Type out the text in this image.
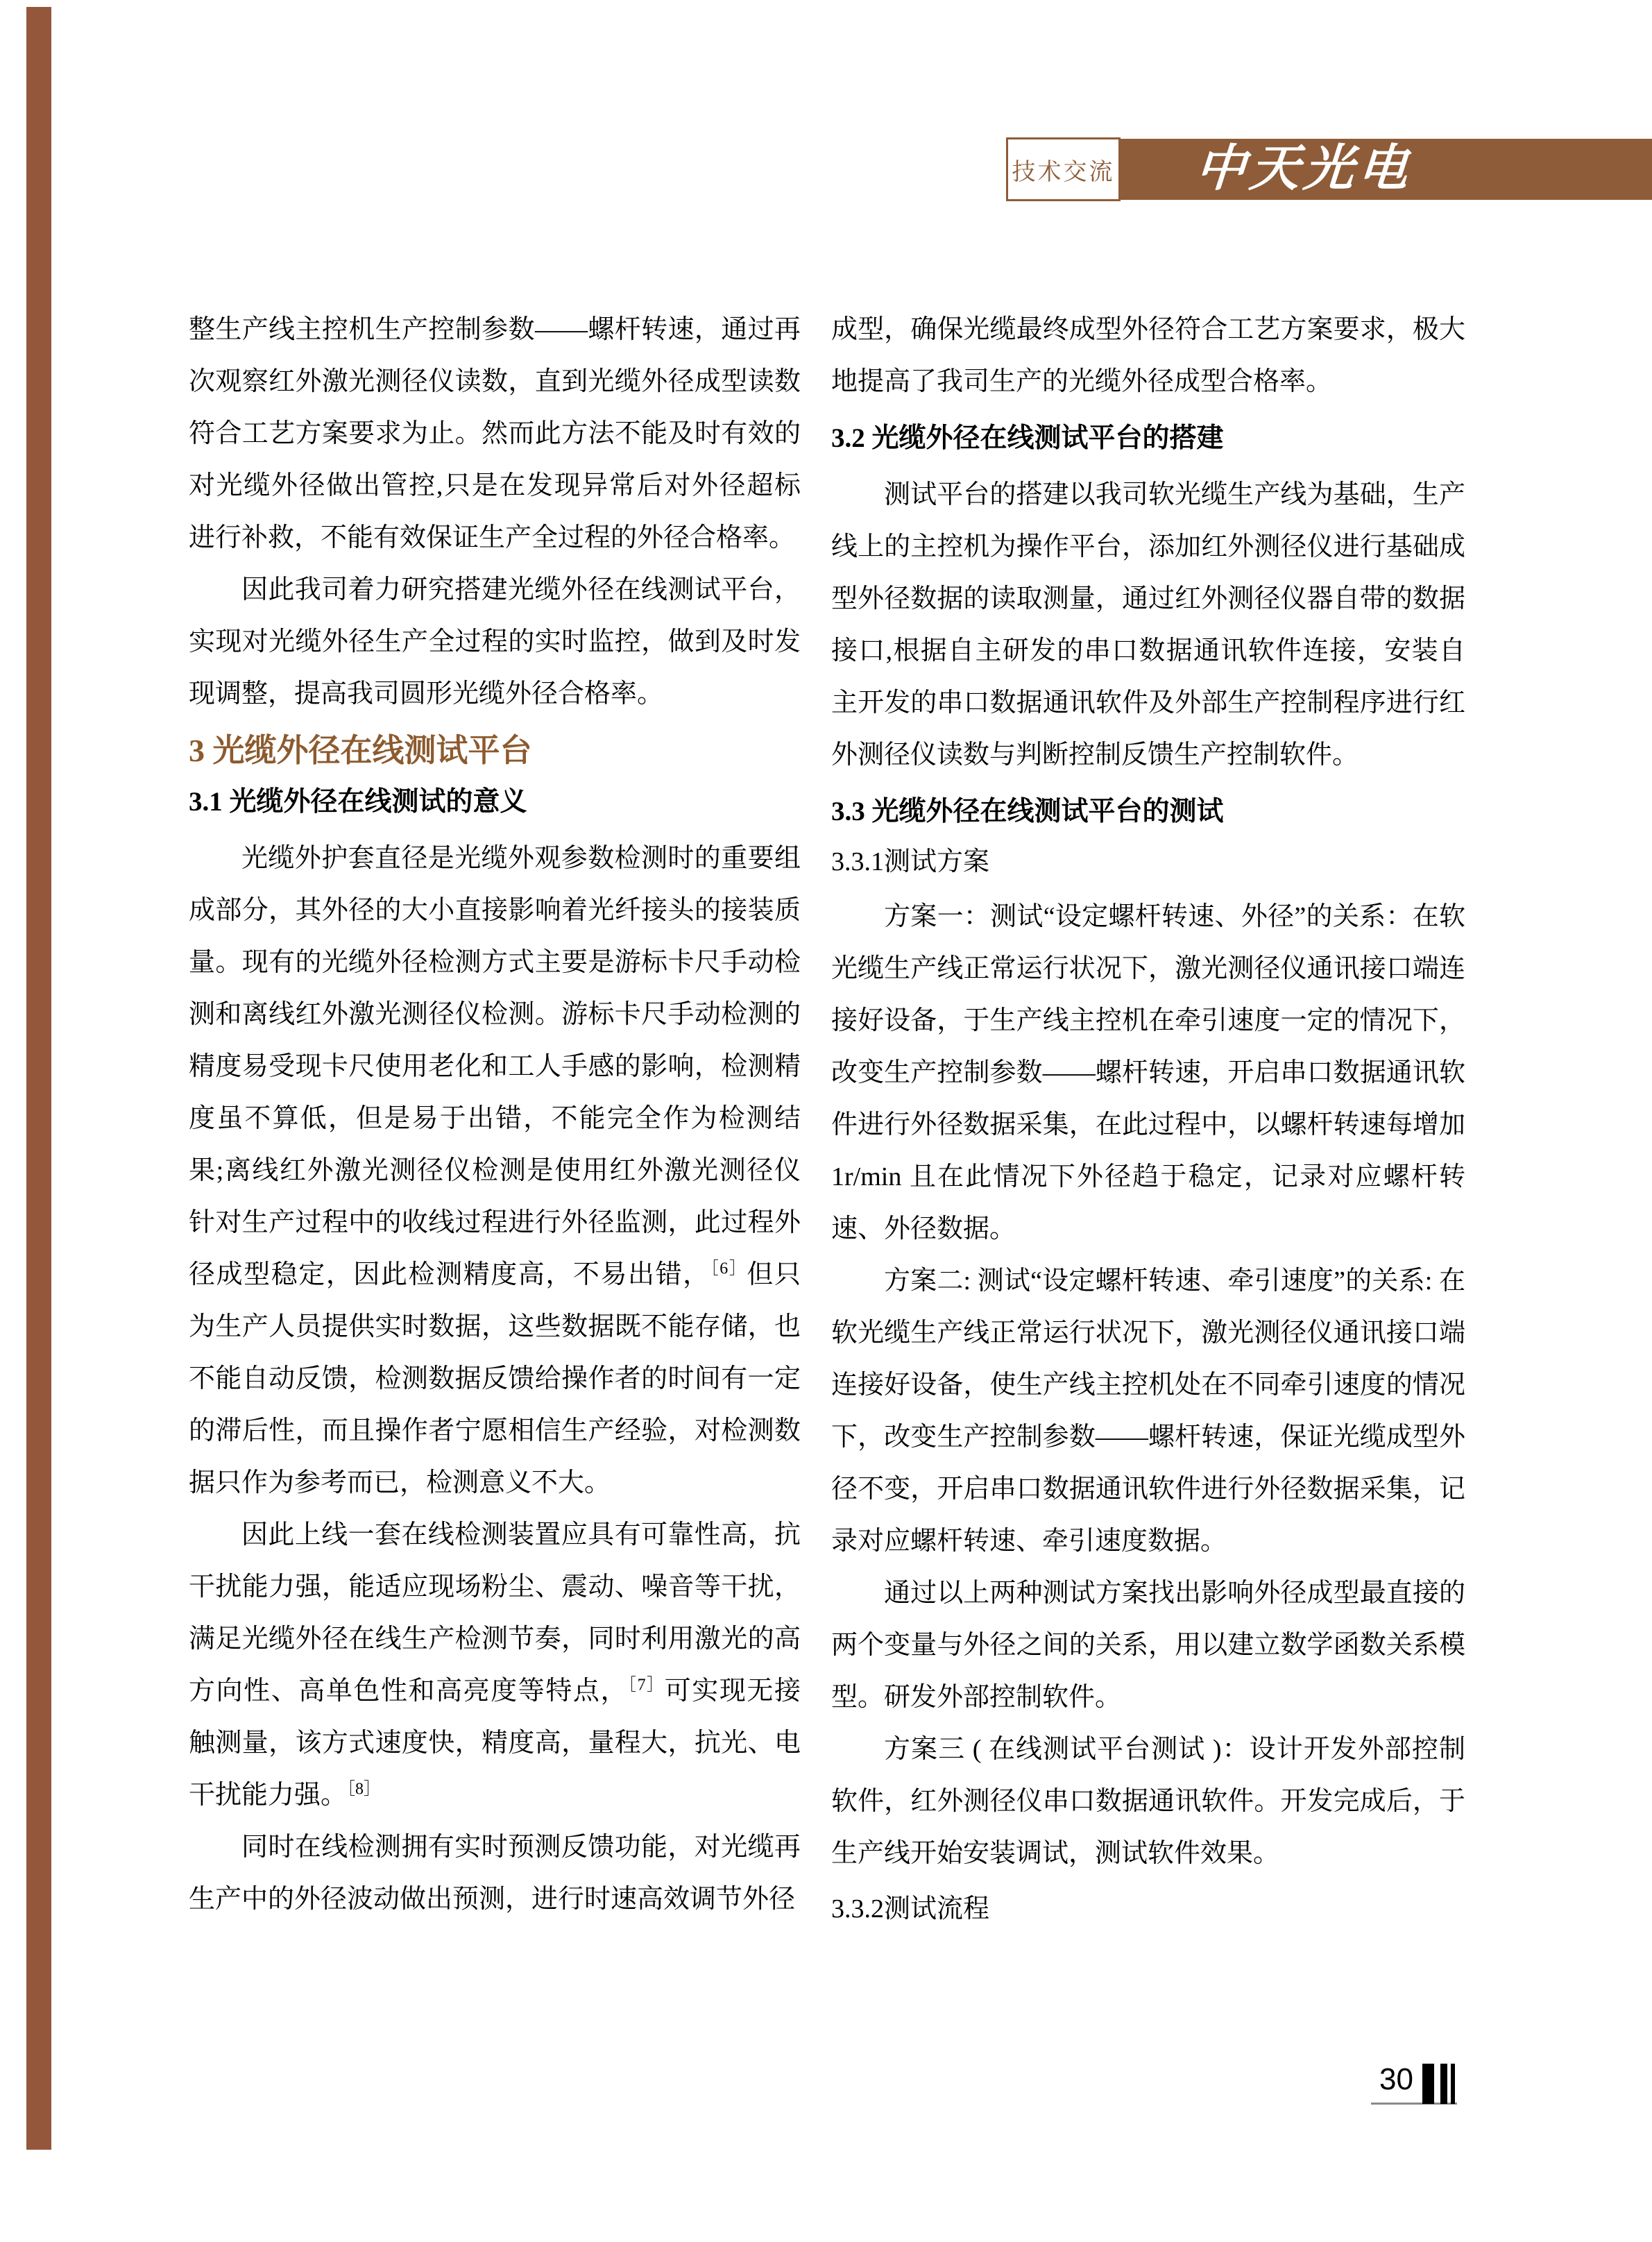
技术交流 中天光电

整生产线主控机生产控制参数——螺杆转速，通过再次观察红外激光测径仪读数，直到光缆外径成型读数符合工艺方案要求为止。然而此方法不能及时有效的对光缆外径做出管控,只是在发现异常后对外径超标进行补救，不能有效保证生产全过程的外径合格率。

因此我司着力研究搭建光缆外径在线测试平台，实现对光缆外径生产全过程的实时监控，做到及时发现调整，提高我司圆形光缆外径合格率。

3 光缆外径在线测试平台

3.1 光缆外径在线测试的意义

光缆外护套直径是光缆外观参数检测时的重要组成部分，其外径的大小直接影响着光纤接头的接装质量。现有的光缆外径检测方式主要是游标卡尺手动检测和离线红外激光测径仪检测。游标卡尺手动检测的精度易受现卡尺使用老化和工人手感的影响，检测精度虽不算低，但是易于出错，不能完全作为检测结果;离线红外激光测径仪检测是使用红外激光测径仪针对生产过程中的收线过程进行外径监测，此过程外径成型稳定，因此检测精度高，不易出错，$^{[6]}$但只为生产人员提供实时数据，这些数据既不能存储，也不能自动反馈，检测数据反馈给操作者的时间有一定的滞后性，而且操作者宁愿相信生产经验，对检测数据只作为参考而已，检测意义不大。

因此上线一套在线检测装置应具有可靠性高，抗干扰能力强，能适应现场粉尘、震动、噪音等干扰，满足光缆外径在线生产检测节奏，同时利用激光的高方向性、高单色性和高亮度等特点，$^{[7]}$可实现无接触测量，该方式速度快，精度高，量程大，抗光、电干扰能力强。$^{[8]}$

同时在线检测拥有实时预测反馈功能，对光缆再生产中的外径波动做出预测，进行时速高效调节外径

成型，确保光缆最终成型外径符合工艺方案要求，极大地提高了我司生产的光缆外径成型合格率。

3.2 光缆外径在线测试平台的搭建

测试平台的搭建以我司软光缆生产线为基础，生产线上的主控机为操作平台，添加红外测径仪进行基础成型外径数据的读取测量，通过红外测径仪器自带的数据接口,根据自主研发的串口数据通讯软件连接，安装自主开发的串口数据通讯软件及外部生产控制程序进行红外测径仪读数与判断控制反馈生产控制软件。

3.3 光缆外径在线测试平台的测试

3.3.1测试方案

方案一：测试“设定螺杆转速、外径”的关系：在软光缆生产线正常运行状况下，激光测径仪通讯接口端连接好设备，于生产线主控机在牵引速度一定的情况下，改变生产控制参数——螺杆转速，开启串口数据通讯软件进行外径数据采集，在此过程中，以螺杆转速每增加 1r/min 且在此情况下外径趋于稳定，记录对应螺杆转速、外径数据。

方案二: 测试“设定螺杆转速、牵引速度”的关系: 在软光缆生产线正常运行状况下，激光测径仪通讯接口端连接好设备，使生产线主控机处在不同牵引速度的情况下，改变生产控制参数——螺杆转速，保证光缆成型外径不变，开启串口数据通讯软件进行外径数据采集，记录对应螺杆转速、牵引速度数据。

通过以上两种测试方案找出影响外径成型最直接的两个变量与外径之间的关系，用以建立数学函数关系模型。研发外部控制软件。

方案三 ( 在线测试平台测试 )：设计开发外部控制软件，红外测径仪串口数据通讯软件。开发完成后，于生产线开始安装调试，测试软件效果。

3.3.2测试流程

30
